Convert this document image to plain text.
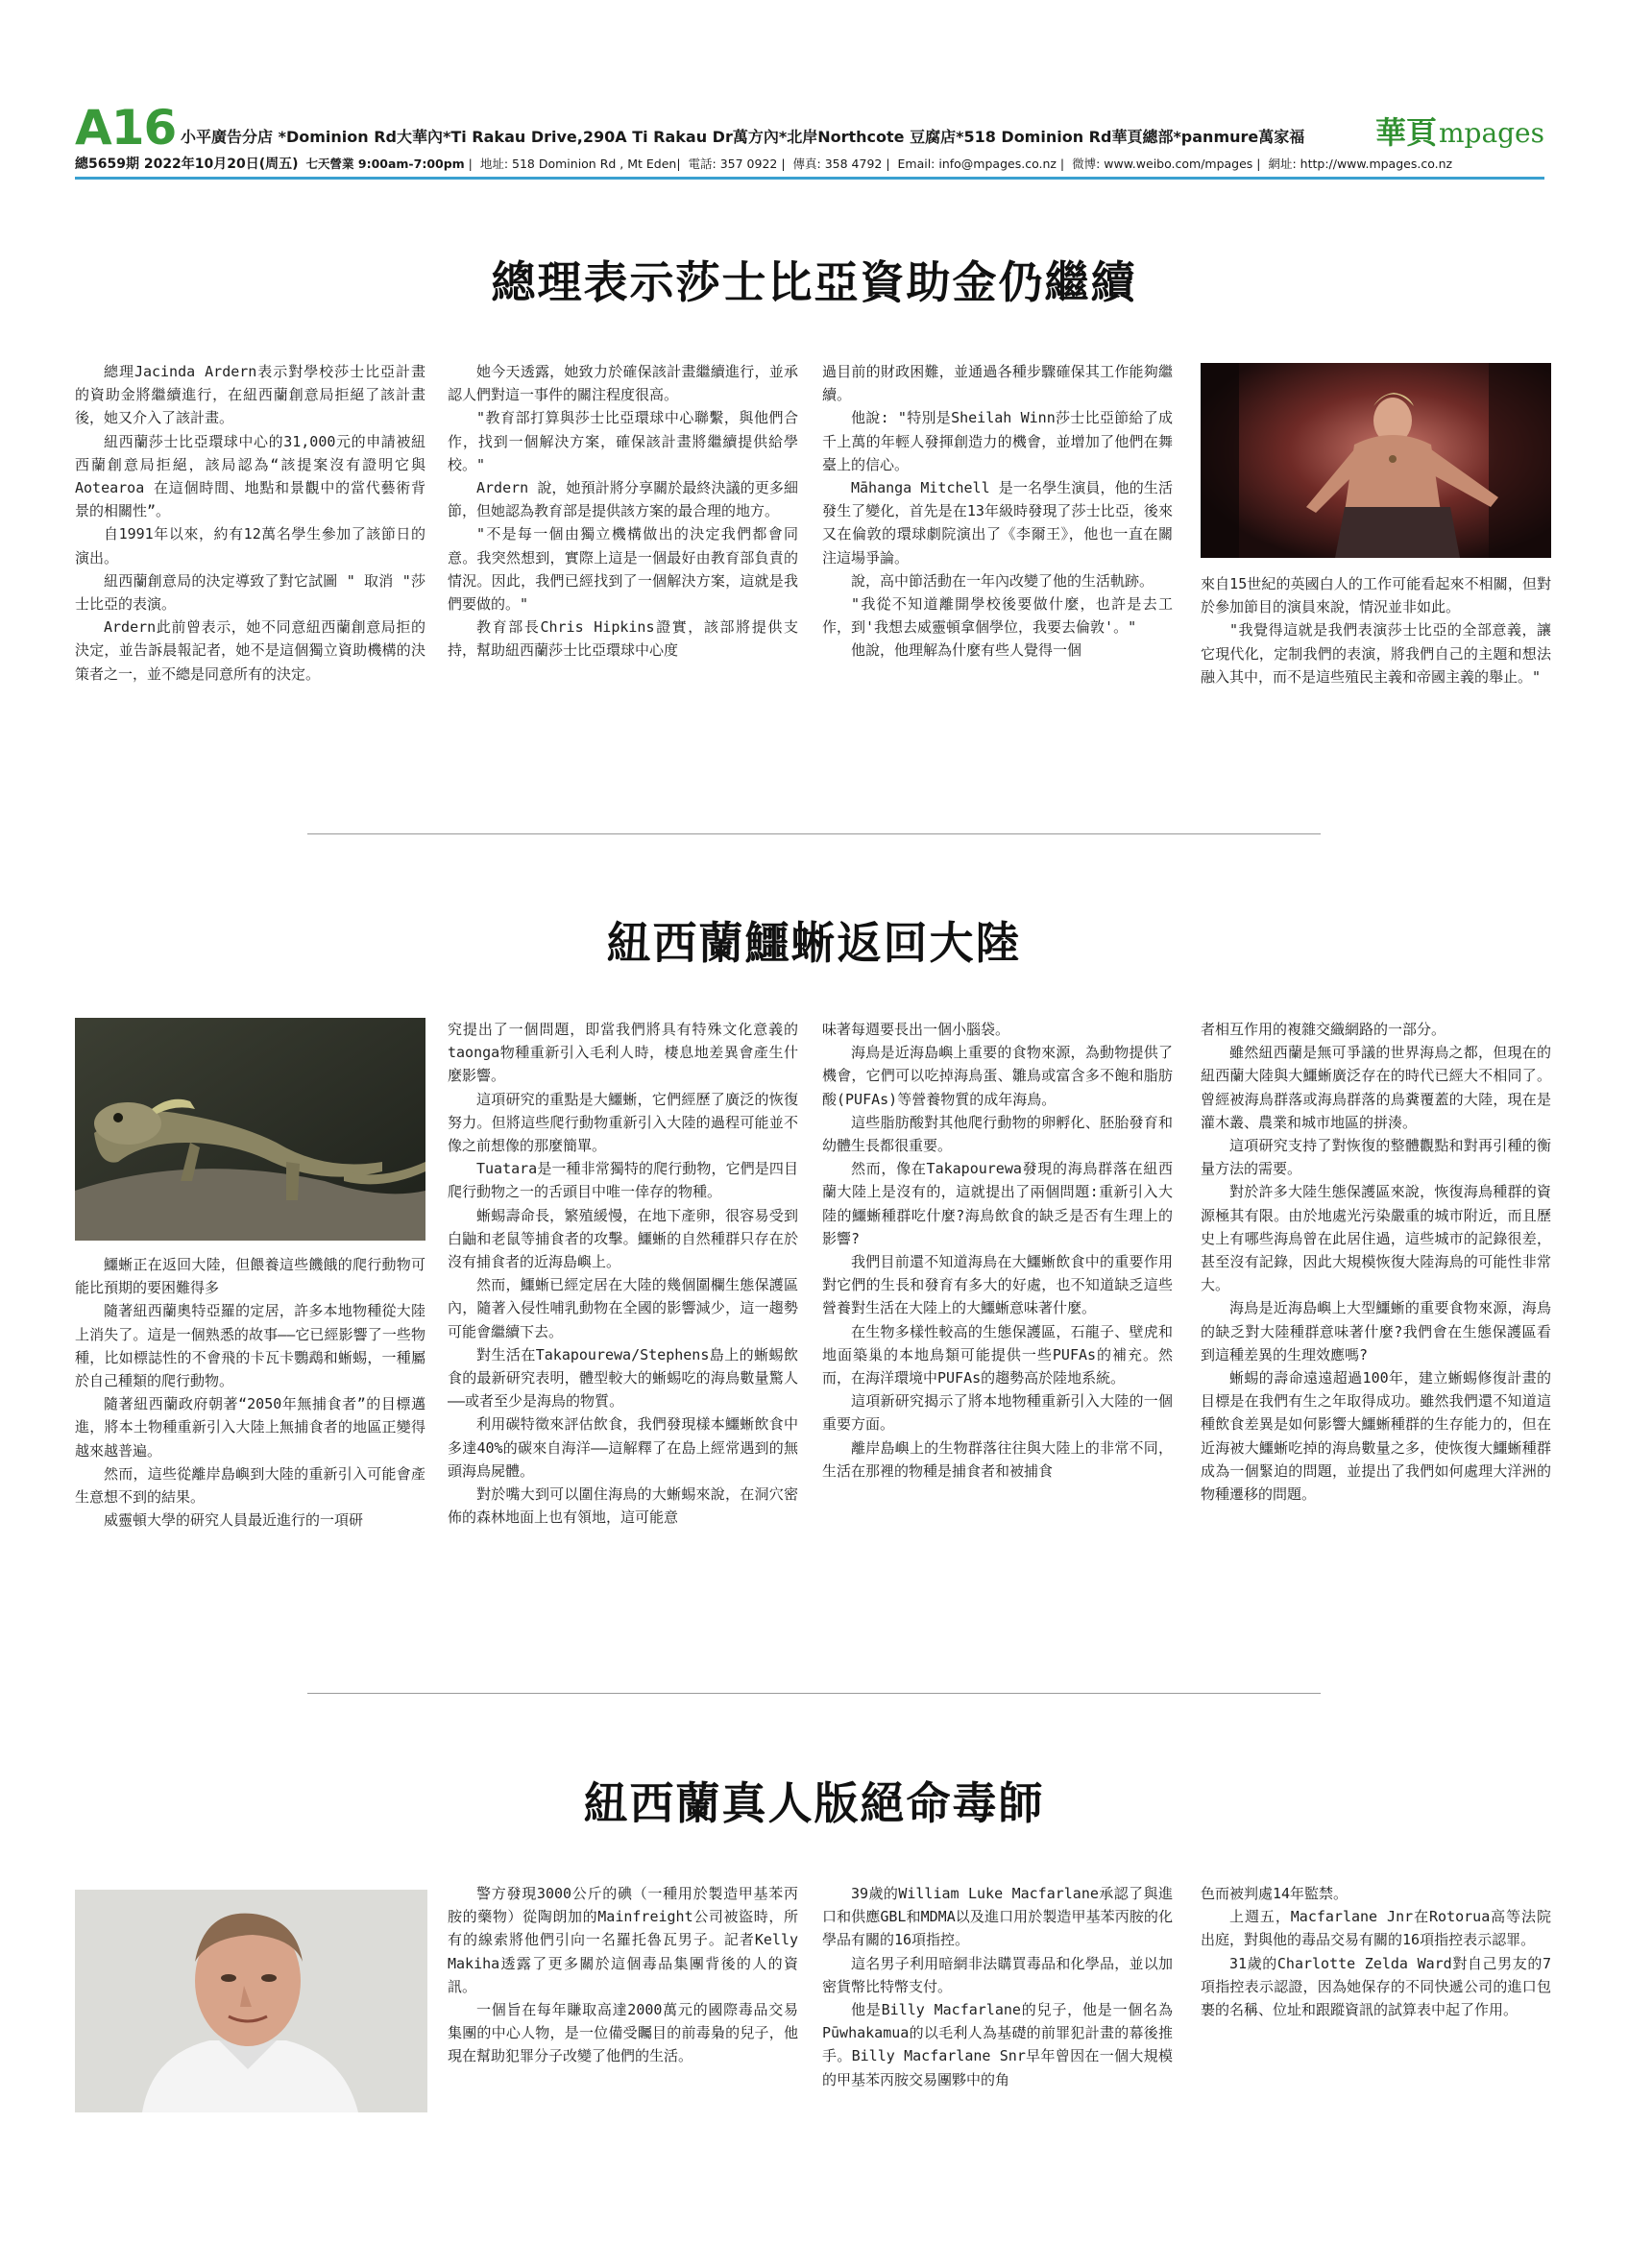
A16 小平廣告分店 *Dominion Rd大華內*Ti Rakau Drive,290A Ti Rakau Dr萬方內*北岸Northcote 豆腐店*518 Dominion Rd華頁總部*panmure萬家福 華頁 mpages
總5659期 2022年10月20日(周五) 七天營業 9:00am-7:00pm |  地址: 518 Dominion Rd , Mt Eden|  電話: 357 0922 |  傳真: 358 4792 |  Email: info@mpages.co.nz |  微博: www.weibo.com/mpages |  網址: http://www.mpages.co.nz
總理表示莎士比亞資助金仍繼續

總理Jacinda Ardern表示對學校莎士比亞計畫的資助金將繼續進行，在紐西蘭創意局拒絕了該計畫後，她又介入了該計畫。

紐西蘭莎士比亞環球中心的31,000元的申請被紐西蘭創意局拒絕，該局認為“該提案沒有證明它與 Aotearoa 在這個時間、地點和景觀中的當代藝術背景的相關性”。

自1991年以來，約有12萬名學生參加了該節日的演出。

紐西蘭創意局的決定導致了對它試圖 " 取消 "莎士比亞的表演。

Ardern此前曾表示，她不同意紐西蘭創意局拒的決定，並告訴晨報記者，她不是這個獨立資助機構的決策者之一，並不總是同意所有的決定。

她今天透露，她致力於確保該計畫繼續進行，並承認人們對這一事件的關注程度很高。

"教育部打算與莎士比亞環球中心聯繫，與他們合作，找到一個解決方案，確保該計畫將繼續提供給學校。"

Ardern 說，她預計將分享關於最終決議的更多細節，但她認為教育部是提供該方案的最合理的地方。

"不是每一個由獨立機構做出的決定我們都會同意。我突然想到，實際上這是一個最好由教育部負責的情況。因此，我們已經找到了一個解決方案，這就是我們要做的。"

教育部長Chris Hipkins證實，該部將提供支持，幫助紐西蘭莎士比亞環球中心度

過目前的財政困難，並通過各種步驟確保其工作能夠繼續。

他說: "特別是Sheilah Winn莎士比亞節給了成千上萬的年輕人發揮創造力的機會，並增加了他們在舞臺上的信心。

Māhanga Mitchell 是一名學生演員，他的生活發生了變化，首先是在13年級時發現了莎士比亞，後來又在倫敦的環球劇院演出了《李爾王》，他也一直在關注這場爭論。

說，高中節活動在一年內改變了他的生活軌跡。

"我從不知道離開學校後要做什麼，也許是去工作，到'我想去威靈頓拿個學位，我要去倫敦'。"

他說，他理解為什麼有些人覺得一個

來自15世紀的英國白人的工作可能看起來不相關，但對於參加節目的演員來說，情況並非如此。

"我覺得這就是我們表演莎士比亞的全部意義，讓它現代化，定制我們的表演，將我們自己的主題和想法融入其中，而不是這些殖民主義和帝國主義的舉止。"

紐西蘭鱷蜥返回大陸

鱷蜥正在返回大陸，但餵養這些饑餓的爬行動物可能比預期的要困難得多

隨著紐西蘭奧特亞羅的定居，許多本地物種從大陸上消失了。這是一個熟悉的故事——它已經影響了一些物種，比如標誌性的不會飛的卡瓦卡鸚鵡和蜥蜴，一種屬於自己種類的爬行動物。

隨著紐西蘭政府朝著“2050年無捕食者”的目標邁進，將本土物種重新引入大陸上無捕食者的地區正變得越來越普遍。

然而，這些從離岸島嶼到大陸的重新引入可能會產生意想不到的結果。

威靈頓大學的研究人員最近進行的一項研

究提出了一個問題，即當我們將具有特殊文化意義的taonga物種重新引入毛利人時，棲息地差異會產生什麼影響。

這項研究的重點是大鱷蜥，它們經歷了廣泛的恢復努力。但將這些爬行動物重新引入大陸的過程可能並不像之前想像的那麼簡單。

Tuatara是一種非常獨特的爬行動物，它們是四目爬行動物之一的舌頭目中唯一倖存的物種。

蜥蜴壽命長，繁殖緩慢，在地下產卵，很容易受到白鼬和老鼠等捕食者的攻擊。鱷蜥的自然種群只存在於沒有捕食者的近海島嶼上。

然而，鱷蜥已經定居在大陸的幾個圍欄生態保護區內，隨著入侵性哺乳動物在全國的影響減少，這一趨勢可能會繼續下去。

對生活在Takapourewa/Stephens島上的蜥蜴飲食的最新研究表明，體型較大的蜥蜴吃的海鳥數量驚人——或者至少是海鳥的物質。

利用碳特徵來評估飲食，我們發現樣本鱷蜥飲食中多達40%的碳來自海洋——這解釋了在島上經常遇到的無頭海鳥屍體。

對於嘴大到可以圍住海鳥的大蜥蜴來說，在洞穴密佈的森林地面上也有領地，這可能意

味著每週要長出一個小腦袋。

海鳥是近海島嶼上重要的食物來源，為動物提供了機會，它們可以吃掉海鳥蛋、雛鳥或富含多不飽和脂肪酸(PUFAs)等營養物質的成年海鳥。

這些脂肪酸對其他爬行動物的卵孵化、胚胎發育和幼體生長都很重要。

然而，像在Takapourewa發現的海鳥群落在紐西蘭大陸上是沒有的，這就提出了兩個問題:重新引入大陸的鱷蜥種群吃什麼?海鳥飲食的缺乏是否有生理上的影響?

我們目前還不知道海鳥在大鱷蜥飲食中的重要作用對它們的生長和發育有多大的好處，也不知道缺乏這些營養對生活在大陸上的大鱷蜥意味著什麼。

在生物多樣性較高的生態保護區，石龍子、壁虎和地面築巢的本地鳥類可能提供一些PUFAs的補充。然而，在海洋環境中PUFAs的趨勢高於陸地系統。

這項新研究揭示了將本地物種重新引入大陸的一個重要方面。

離岸島嶼上的生物群落往往與大陸上的非常不同，生活在那裡的物種是捕食者和被捕食

者相互作用的複雜交織網路的一部分。

雖然紐西蘭是無可爭議的世界海鳥之都，但現在的紐西蘭大陸與大鱷蜥廣泛存在的時代已經大不相同了。曾經被海鳥群落或海鳥群落的鳥糞覆蓋的大陸，現在是灌木叢、農業和城市地區的拼湊。

這項研究支持了對恢復的整體觀點和對再引種的衡量方法的需要。

對於許多大陸生態保護區來說，恢復海鳥種群的資源極其有限。由於地處光污染嚴重的城市附近，而且歷史上有哪些海鳥曾在此居住過，這些城市的記錄很差，甚至沒有記錄，因此大規模恢復大陸海鳥的可能性非常大。

海鳥是近海島嶼上大型鱷蜥的重要食物來源，海鳥的缺乏對大陸種群意味著什麼?我們會在生態保護區看到這種差異的生理效應嗎?

蜥蜴的壽命遠遠超過100年，建立蜥蜴修復計畫的目標是在我們有生之年取得成功。雖然我們還不知道這種飲食差異是如何影響大鱷蜥種群的生存能力的，但在近海被大鱷蜥吃掉的海鳥數量之多，使恢復大鱷蜥種群成為一個緊迫的問題，並提出了我們如何處理大洋洲的物種遷移的問題。

紐西蘭真人版絕命毒師

警方發現3000公斤的碘（一種用於製造甲基苯丙胺的藥物）從陶朗加的Mainfreight公司被盜時，所有的線索將他們引向一名羅托魯瓦男子。記者Kelly Makiha透露了更多關於這個毒品集團背後的人的資訊。

一個旨在每年賺取高達2000萬元的國際毒品交易集團的中心人物，是一位備受矚目的前毒梟的兒子，他現在幫助犯罪分子改變了他們的生活。

39歲的William Luke Macfarlane承認了與進口和供應GBL和MDMA以及進口用於製造甲基苯丙胺的化學品有關的16項指控。

這名男子利用暗網非法購買毒品和化學品，並以加密貨幣比特幣支付。

他是Billy Macfarlane的兒子，他是一個名為Pūwhakamua的以毛利人為基礎的前罪犯計畫的幕後推手。Billy Macfarlane Snr早年曾因在一個大規模的甲基苯丙胺交易團夥中的角

色而被判處14年監禁。

上週五，Macfarlane Jnr在Rotorua高等法院出庭，對與他的毒品交易有關的16項指控表示認罪。

31歲的Charlotte Zelda Ward對自己男友的7項指控表示認證，因為她保存的不同快遞公司的進口包裹的名稱、位址和跟蹤資訊的試算表中起了作用。
